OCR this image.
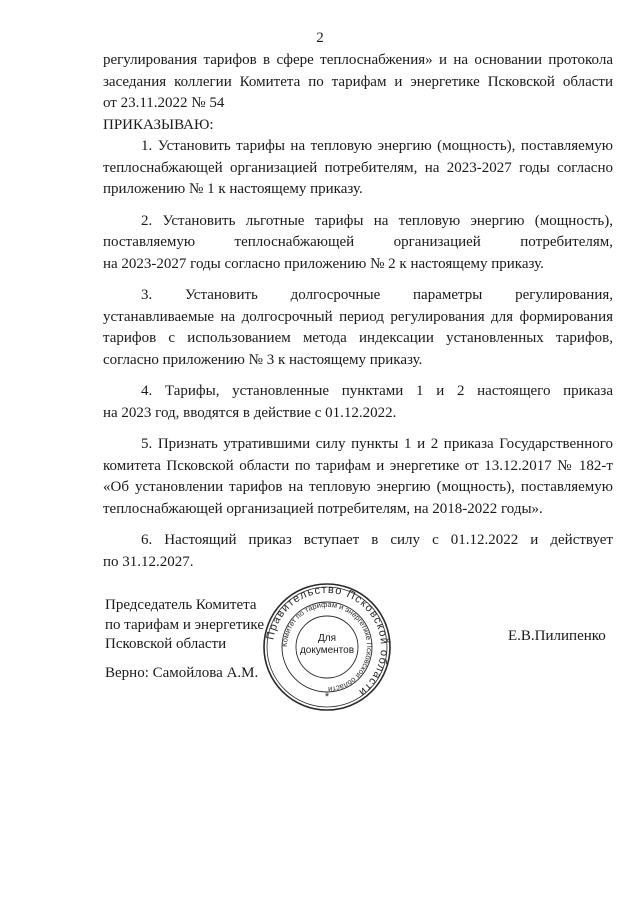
2
регулирования тарифов в сфере теплоснабжения» и на основании протокола
заседания коллегии Комитета по тарифам и энергетике Псковской области
от 23.11.2022 № 54
ПРИКАЗЫВАЮ:
1. Установить тарифы на тепловую энергию (мощность), поставляемую
теплоснабжающей организацией потребителям, на 2023-2027 годы согласно
приложению № 1 к настоящему приказу.
2. Установить льготные тарифы на тепловую энергию (мощность),
поставляемую теплоснабжающей организацией потребителям,
на 2023-2027 годы согласно приложению № 2 к настоящему приказу.
3. Установить долгосрочные параметры регулирования,
устанавливаемые на долгосрочный период регулирования для формирования
тарифов с использованием метода индексации установленных тарифов,
согласно приложению № 3 к настоящему приказу.
4. Тарифы, установленные пунктами 1 и 2 настоящего приказа
на 2023 год, вводятся в действие с 01.12.2022.
5. Признать утратившими силу пункты 1 и 2 приказа Государственного
комитета Псковской области по тарифам и энергетике от 13.12.2017 № 182-т
«Об установлении тарифов на тепловую энергию (мощность), поставляемую
теплоснабжающей организацией потребителям, на 2018-2022 годы».
6. Настоящий приказ вступает в силу с 01.12.2022 и действует
по 31.12.2027.
Председатель Комитета
по тарифам и энергетике
Псковской области
Верно: Самойлова А.М.
Е.В.Пилипенко
Правительство Псковской области
Комитет по тарифам и энергетике Псковской области
*
Для
документов
